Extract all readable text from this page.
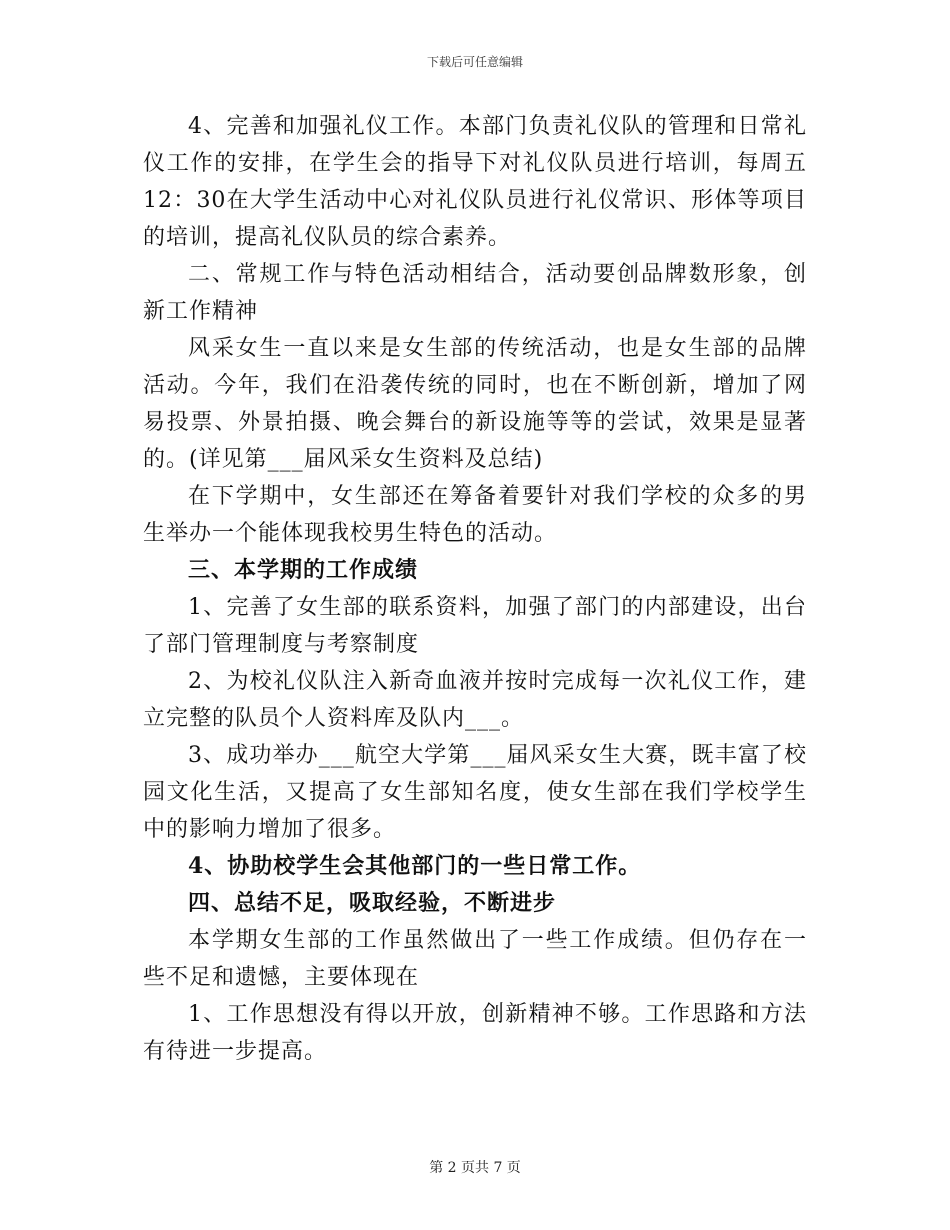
下载后可任意编辑

4、完善和加强礼仪工作。本部门负责礼仪队的管理和日常礼仪工作的安排，在学生会的指导下对礼仪队员进行培训，每周五12：30在大学生活动中心对礼仪队员进行礼仪常识、形体等项目的培训，提高礼仪队员的综合素养。

二、常规工作与特色活动相结合，活动要创品牌数形象，创新工作精神

风采女生一直以来是女生部的传统活动，也是女生部的品牌活动。今年，我们在沿袭传统的同时，也在不断创新，增加了网易投票、外景拍摄、晚会舞台的新设施等等的尝试，效果是显著的。(详见第___届风采女生资料及总结)

在下学期中，女生部还在筹备着要针对我们学校的众多的男生举办一个能体现我校男生特色的活动。

三、本学期的工作成绩

1、完善了女生部的联系资料，加强了部门的内部建设，出台了部门管理制度与考察制度

2、为校礼仪队注入新奇血液并按时完成每一次礼仪工作，建立完整的队员个人资料库及队内___。

3、成功举办___航空大学第___届风采女生大赛，既丰富了校园文化生活，又提高了女生部知名度，使女生部在我们学校学生中的影响力增加了很多。

4、协助校学生会其他部门的一些日常工作。

四、总结不足，吸取经验，不断进步

本学期女生部的工作虽然做出了一些工作成绩。但仍存在一些不足和遗憾，主要体现在

1、工作思想没有得以开放，创新精神不够。工作思路和方法有待进一步提高。

第 2 页共 7 页
